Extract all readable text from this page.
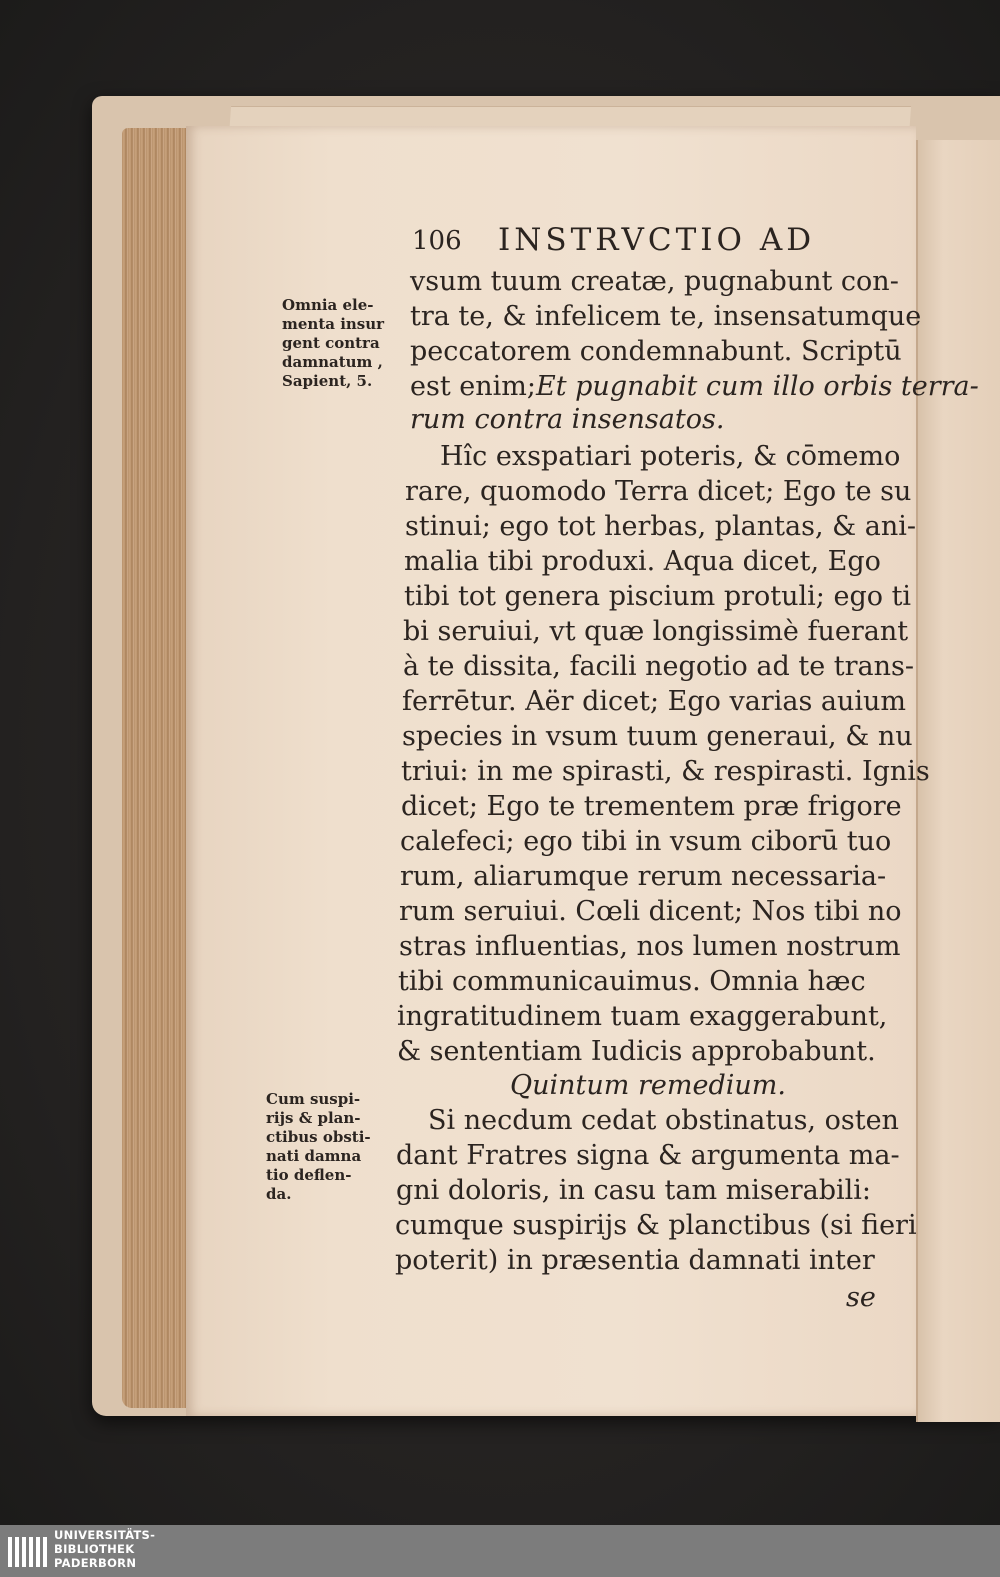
106 INSTRVCTIO AD
Omnia ele-
menta insur
gent contra
damnatum ,
Sapient, 5.
Cum suspi-
rijs & plan-
ctibus obsti-
nati damna
tio deflen-
da.
vsum tuum creatæ, pugnabunt con-
tra te, & infelicem te, insensatumque
peccatorem condemnabunt. Scriptū
est enim;Et pugnabit cum illo orbis terra-
rum contra insensatos.
Hîc exspatiari poteris, & cōmemo
rare, quomodo Terra dicet; Ego te su
stinui; ego tot herbas, plantas, & ani-
malia tibi produxi. Aqua dicet, Ego
tibi tot genera piscium protuli; ego ti
bi seruiui, vt quæ longissimè fuerant
à te dissita, facili negotio ad te trans-
ferrētur. Aër dicet; Ego varias auium
species in vsum tuum generaui, & nu
triui: in me spirasti, & respirasti. Ignis
dicet; Ego te trementem præ frigore
calefeci; ego tibi in vsum ciborū tuo
rum, aliarumque rerum necessaria-
rum seruiui. Cœli dicent; Nos tibi no
stras influentias, nos lumen nostrum
tibi communicauimus. Omnia hæc
ingratitudinem tuam exaggerabunt,
& sententiam Iudicis approbabunt.
Quintum remedium.
Si necdum cedat obstinatus, osten
dant Fratres signa & argumenta ma-
gni doloris, in casu tam miserabili:
cumque suspirijs & planctibus (si fieri
poterit) in præsentia damnati inter
se
UNIVERSITÄTS-
BIBLIOTHEK
PADERBORN
